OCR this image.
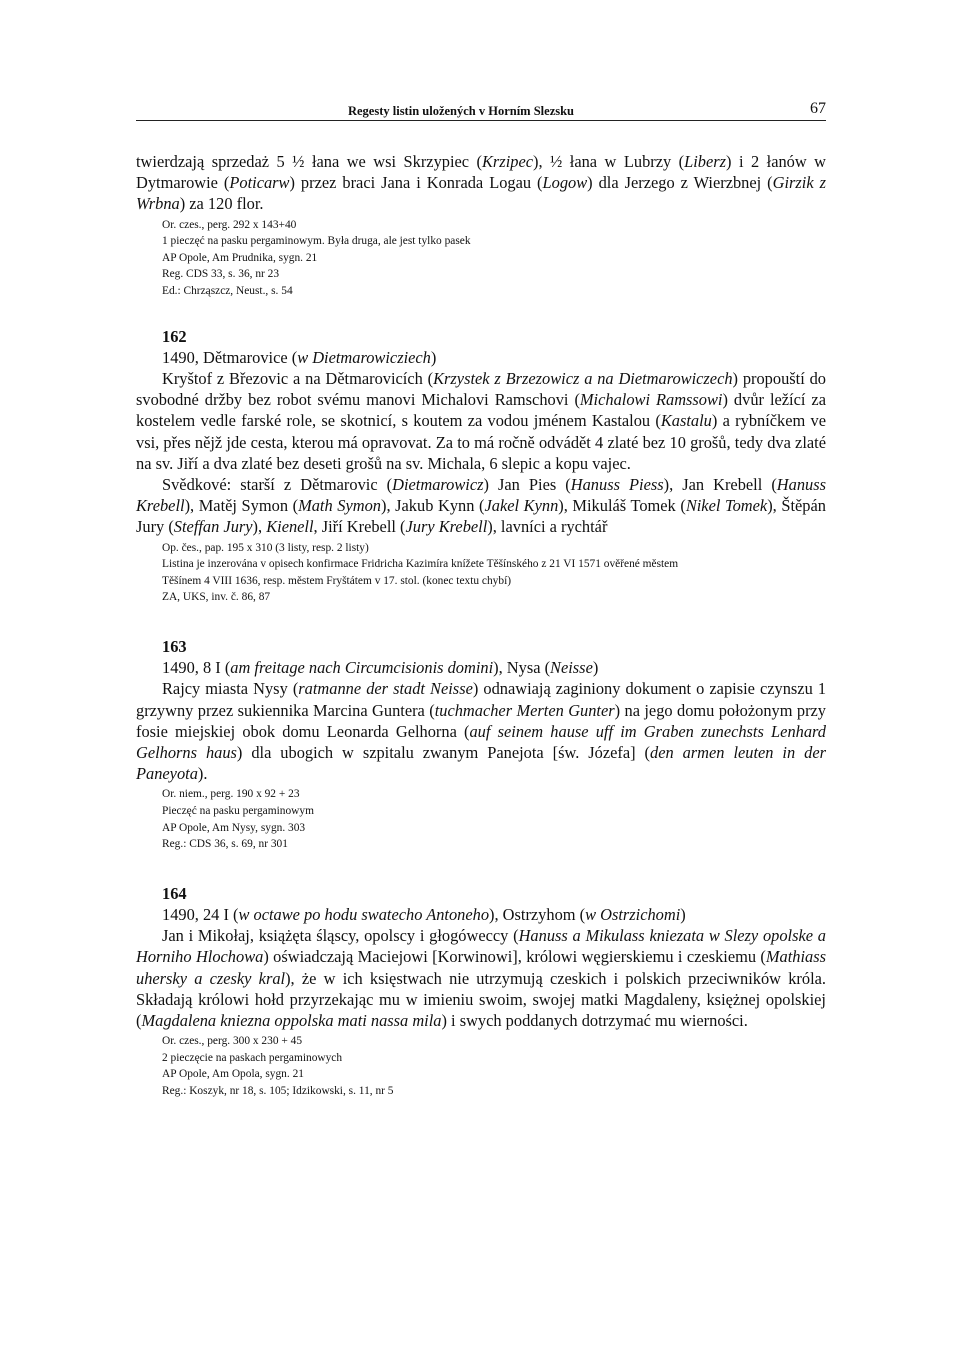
Regesty listin uložených v Horním Slezsku	67

twierdzają sprzedaż 5 ½ łana we wsi Skrzypiec (Krzipec), ½ łana w Lubrzy (Liberz) i 2 łanów w Dytmarowie (Poticarw) przez braci Jana i Konrada Logau (Logow) dla Jerzego z Wierzbnej (Girzik z Wrbna) za 120 flor.

Or. czes., perg. 292 x 143+40
1 pieczęć na pasku pergaminowym. Była druga, ale jest tylko pasek
AP Opole, Am Prudnika, sygn. 21
Reg. CDS 33, s. 36, nr 23
Ed.: Chrząszcz, Neust., s. 54
162

1490, Dětmarovice (w Dietmarowicziech)

Kryštof z Březovic a na Dětmarovicích (Krzystek z Brzezowicz a na Dietmarowiczech) propouští do svobodné držby bez robot svému manovi Michalovi Ramschovi (Michalowi Ramssowi) dvůr ležící za kostelem vedle farské role, se skotnicí, s koutem za vodou jménem Kastalou (Kastalu) a rybníčkem ve vsi, přes nějž jde cesta, kterou má opravovat. Za to má ročně odvádět 4 zlaté bez 10 grošů, tedy dva zlaté na sv. Jiří a dva zlaté bez deseti grošů na sv. Michala, 6 slepic a kopu vajec.

Svědkové: starší z Dětmarovic (Dietmarowicz) Jan Pies (Hanuss Piess), Jan Krebell (Hanuss Krebell), Matěj Symon (Math Symon), Jakub Kynn (Jakel Kynn), Mikuláš Tomek (Nikel Tomek), Štěpán Jury (Steffan Jury), Kienell, Jiří Krebell (Jury Krebell), lavníci a rychtář

Op. čes., pap. 195 x 310 (3 listy, resp. 2 listy)
Listina je inzerována v opisech konfirmace Fridricha Kazimíra knížete Těšínského z 21 VI 1571 ověřené městem
Těšínem 4 VIII 1636, resp. městem Fryštátem v 17. stol. (konec textu chybí)
ZA, UKS, inv. č. 86, 87
163

1490, 8 I (am freitage nach Circumcisionis domini), Nysa (Neisse)

Rajcy miasta Nysy (ratmanne der stadt Neisse) odnawiają zaginiony dokument o zapisie czynszu 1 grzywny przez sukiennika Marcina Guntera (tuchmacher Merten Gunter) na jego domu położonym przy fosie miejskiej obok domu Leonarda Gelhorna (auf seinem hause uff im Graben zunechsts Lenhard Gelhorns haus) dla ubogich w szpitalu zwanym Panejota [św. Józefa] (den armen leuten in der Paneyota).

Or. niem., perg. 190 x 92 + 23
Pieczęć na pasku pergaminowym
AP Opole, Am Nysy, sygn. 303
Reg.: CDS 36, s. 69, nr 301
164

1490, 24 I (w octawe po hodu swatecho Antoneho), Ostrzyhom (w Ostrzichomi)

Jan i Mikołaj, książęta śląscy, opolscy i głogóweccy (Hanuss a Mikulass kniezata w Slezy opolske a Horniho Hlochowa) oświadczają Maciejowi [Korwinowi], królowi węgierskiemu i czeskiemu (Mathiass uhersky a czesky kral), że w ich księstwach nie utrzymują czeskich i polskich przeciwników króla. Składają królowi hołd przyrzekając mu w imieniu swoim, swojej matki Magdaleny, księżnej opolskiej (Magdalena kniezna oppolska mati nassa mila) i swych poddanych dotrzymać mu wierności.

Or. czes., perg. 300 x 230 + 45
2 pieczęcie na paskach pergaminowych
AP Opole, Am Opola, sygn. 21
Reg.: Koszyk, nr 18, s. 105; Idzikowski, s. 11, nr 5
